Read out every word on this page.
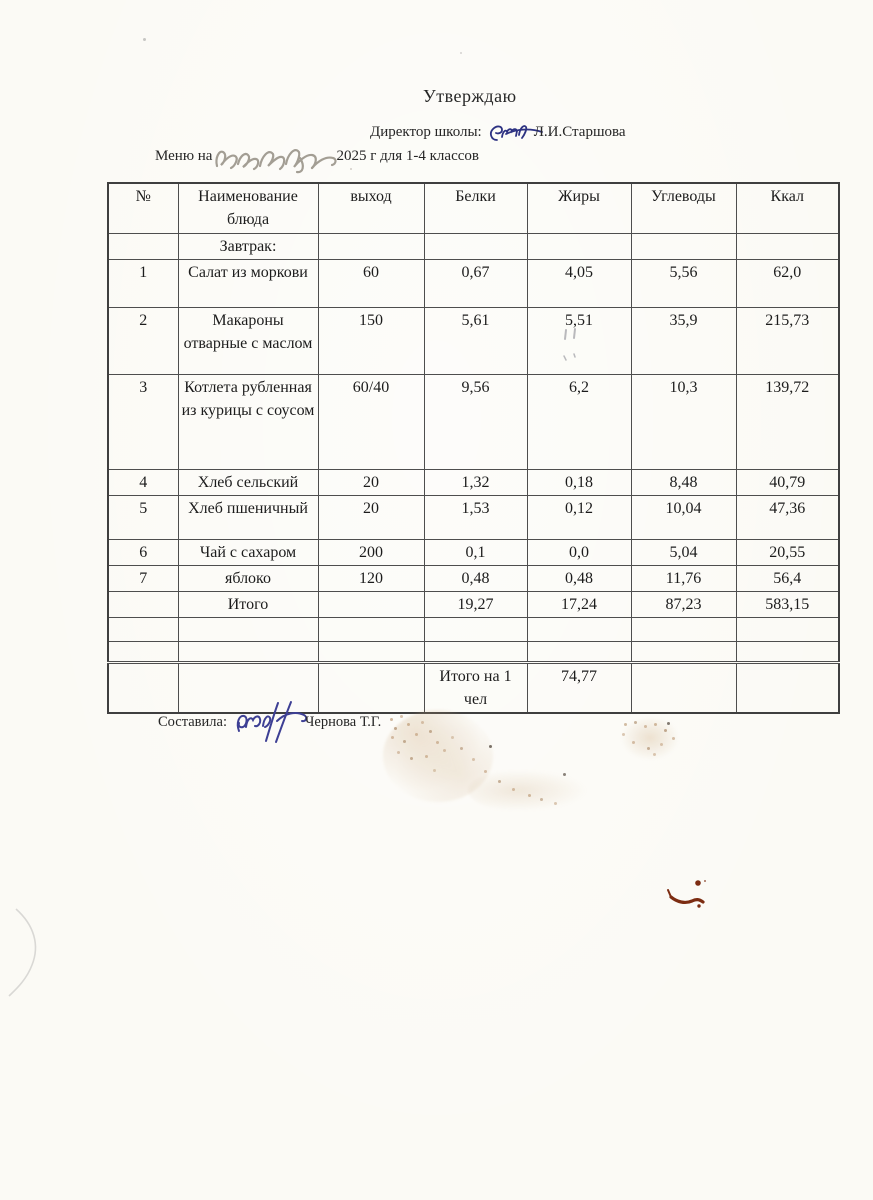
Утверждаю
Директор школы:	Л.И.Старшова
Меню на	2025 г для 1-4 классов
№	Наименование блюда	выход	Белки	Жиры	Углеводы	Ккал
	Завтрак:					
1	Салат из моркови	60	0,67	4,05	5,56	62,0
2	Макароны отварные с маслом	150	5,61	5,51	35,9	215,73
3	Котлета рубленная из курицы с соусом	60/40	9,56	6,2	10,3	139,72
4	Хлеб сельский	20	1,32	0,18	8,48	40,79
5	Хлеб пшеничный	20	1,53	0,12	10,04	47,36
6	Чай с сахаром	200	0,1	0,0	5,04	20,55
7	яблоко	120	0,48	0,48	11,76	56,4
	Итого		19,27	17,24	87,23	583,15

			Итого на 1 чел	74,77		
Составила:	Чернова Т.Г.
